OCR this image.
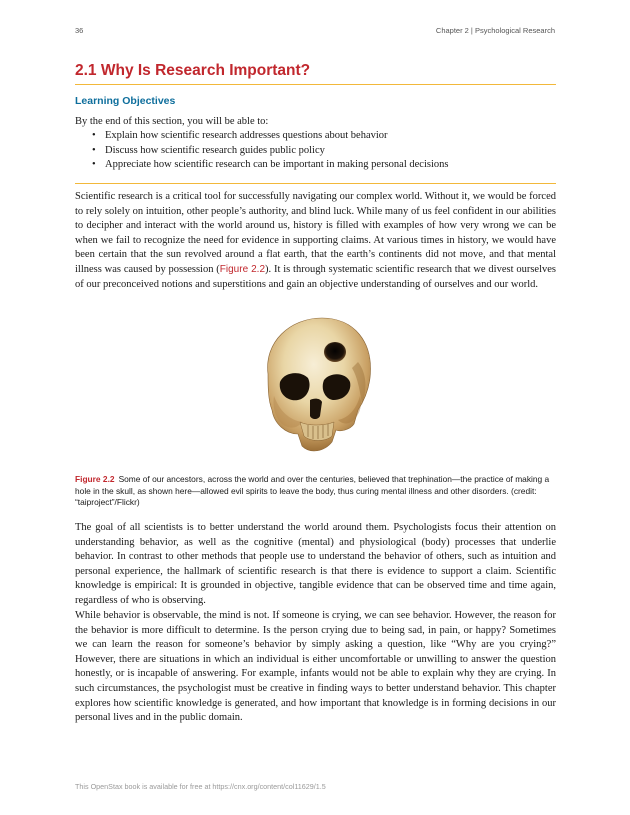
36	Chapter 2 | Psychological Research
2.1 Why Is Research Important?
Learning Objectives
By the end of this section, you will be able to:
• Explain how scientific research addresses questions about behavior
• Discuss how scientific research guides public policy
• Appreciate how scientific research can be important in making personal decisions

Scientific research is a critical tool for successfully navigating our complex world. Without it, we would be forced to rely solely on intuition, other people’s authority, and blind luck. While many of us feel confident in our abilities to decipher and interact with the world around us, history is filled with examples of how very wrong we can be when we fail to recognize the need for evidence in supporting claims. At various times in history, we would have been certain that the sun revolved around a flat earth, that the earth’s continents did not move, and that mental illness was caused by possession (Figure 2.2). It is through systematic scientific research that we divest ourselves of our preconceived notions and superstitions and gain an objective understanding of ourselves and our world.

Figure 2.2 Some of our ancestors, across the world and over the centuries, believed that trephination—the practice of making a hole in the skull, as shown here—allowed evil spirits to leave the body, thus curing mental illness and other disorders. (credit: “taiproject”/Flickr)

The goal of all scientists is to better understand the world around them. Psychologists focus their attention on understanding behavior, as well as the cognitive (mental) and physiological (body) processes that underlie behavior. In contrast to other methods that people use to understand the behavior of others, such as intuition and personal experience, the hallmark of scientific research is that there is evidence to support a claim. Scientific knowledge is empirical: It is grounded in objective, tangible evidence that can be observed time and time again, regardless of who is observing.

While behavior is observable, the mind is not. If someone is crying, we can see behavior. However, the reason for the behavior is more difficult to determine. Is the person crying due to being sad, in pain, or happy? Sometimes we can learn the reason for someone’s behavior by simply asking a question, like “Why are you crying?” However, there are situations in which an individual is either uncomfortable or unwilling to answer the question honestly, or is incapable of answering. For example, infants would not be able to explain why they are crying. In such circumstances, the psychologist must be creative in finding ways to better understand behavior. This chapter explores how scientific knowledge is generated, and how important that knowledge is in forming decisions in our personal lives and in the public domain.

This OpenStax book is available for free at https://cnx.org/content/col11629/1.5
